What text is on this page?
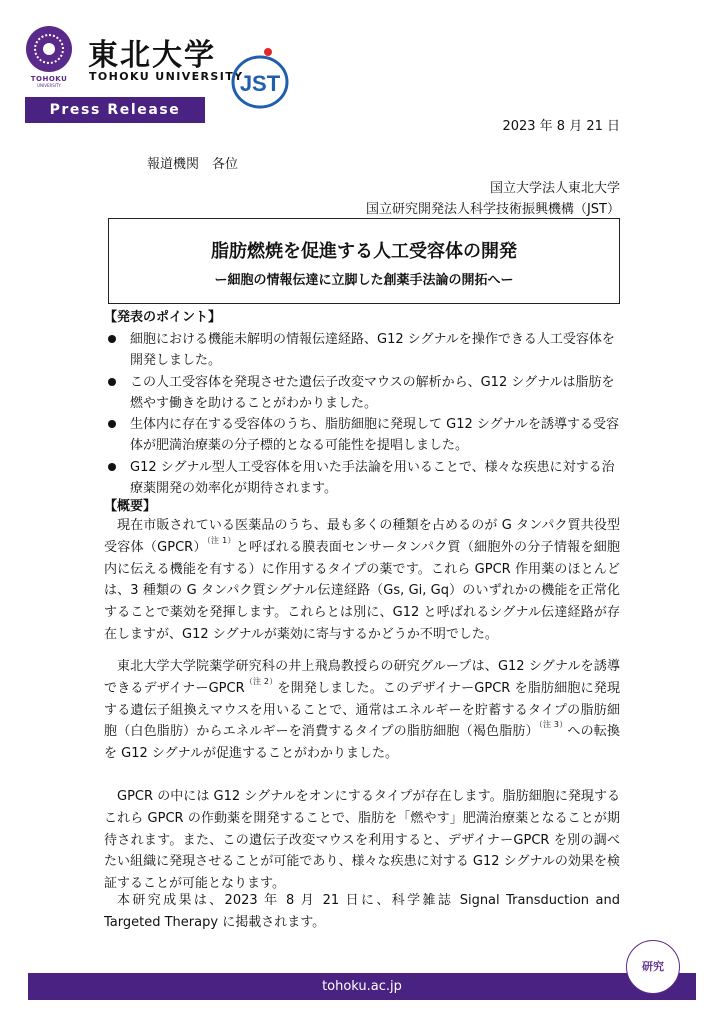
TOHOKU
UNIVERSITY
東北大学
TOHOKU UNIVERSITY
JST
Press Release
2023 年 8 月 21 日
報道機関　各位
国立大学法人東北大学
国立研究開発法人科学技術振興機構（JST）
脂肪燃焼を促進する人工受容体の開発
ー細胞の情報伝達に立脚した創薬手法論の開拓へー
【発表のポイント】
細胞における機能未解明の情報伝達経路、G12 シグナルを操作できる人工受容体を開発しました。
この人工受容体を発現させた遺伝子改変マウスの解析から、G12 シグナルは脂肪を燃やす働きを助けることがわかりました。
生体内に存在する受容体のうち、脂肪細胞に発現して G12 シグナルを誘導する受容体が肥満治療薬の分子標的となる可能性を提唱しました。
G12 シグナル型人工受容体を用いた手法論を用いることで、様々な疾患に対する治療薬開発の効率化が期待されます。
【概要】

現在市販されている医薬品のうち、最も多くの種類を占めるのが G タンパク質共役型受容体（GPCR）$^{(注 1)}$と呼ばれる膜表面センサータンパク質（細胞外の分子情報を細胞内に伝える機能を有する）に作用するタイプの薬です。これら GPCR 作用薬のほとんどは、3 種類の G タンパク質シグナル伝達経路（Gs, Gi, Gq）のいずれかの機能を正常化することで薬効を発揮します。これらとは別に、G12 と呼ばれるシグナル伝達経路が存在しますが、G12 シグナルが薬効に寄与するかどうか不明でした。

東北大学大学院薬学研究科の井上飛鳥教授らの研究グループは、G12 シグナルを誘導できるデザイナー$GPCR^{(注 2)}$を開発しました。このデザイナーGPCR を脂肪細胞に発現する遺伝子組換えマウスを用いることで、通常はエネルギーを貯蓄するタイプの脂肪細胞（白色脂肪）からエネルギーを消費するタイプの脂肪細胞（褐色脂肪）$^{(注 3)}$への転換を G12 シグナルが促進することがわかりました。

GPCR の中には G12 シグナルをオンにするタイプが存在します。脂肪細胞に発現するこれら GPCR の作動薬を開発することで、脂肪を「燃やす」肥満治療薬となることが期待されます。また、この遺伝子改変マウスを利用すると、デザイナーGPCR を別の調べたい組織に発現させることが可能であり、様々な疾患に対する G12 シグナルの効果を検証することが可能となります。

本研究成果は、2023 年 8 月 21 日に、科学雑誌 Signal Transduction and Targeted Therapy に掲載されます。

研究
tohoku.ac.jp
